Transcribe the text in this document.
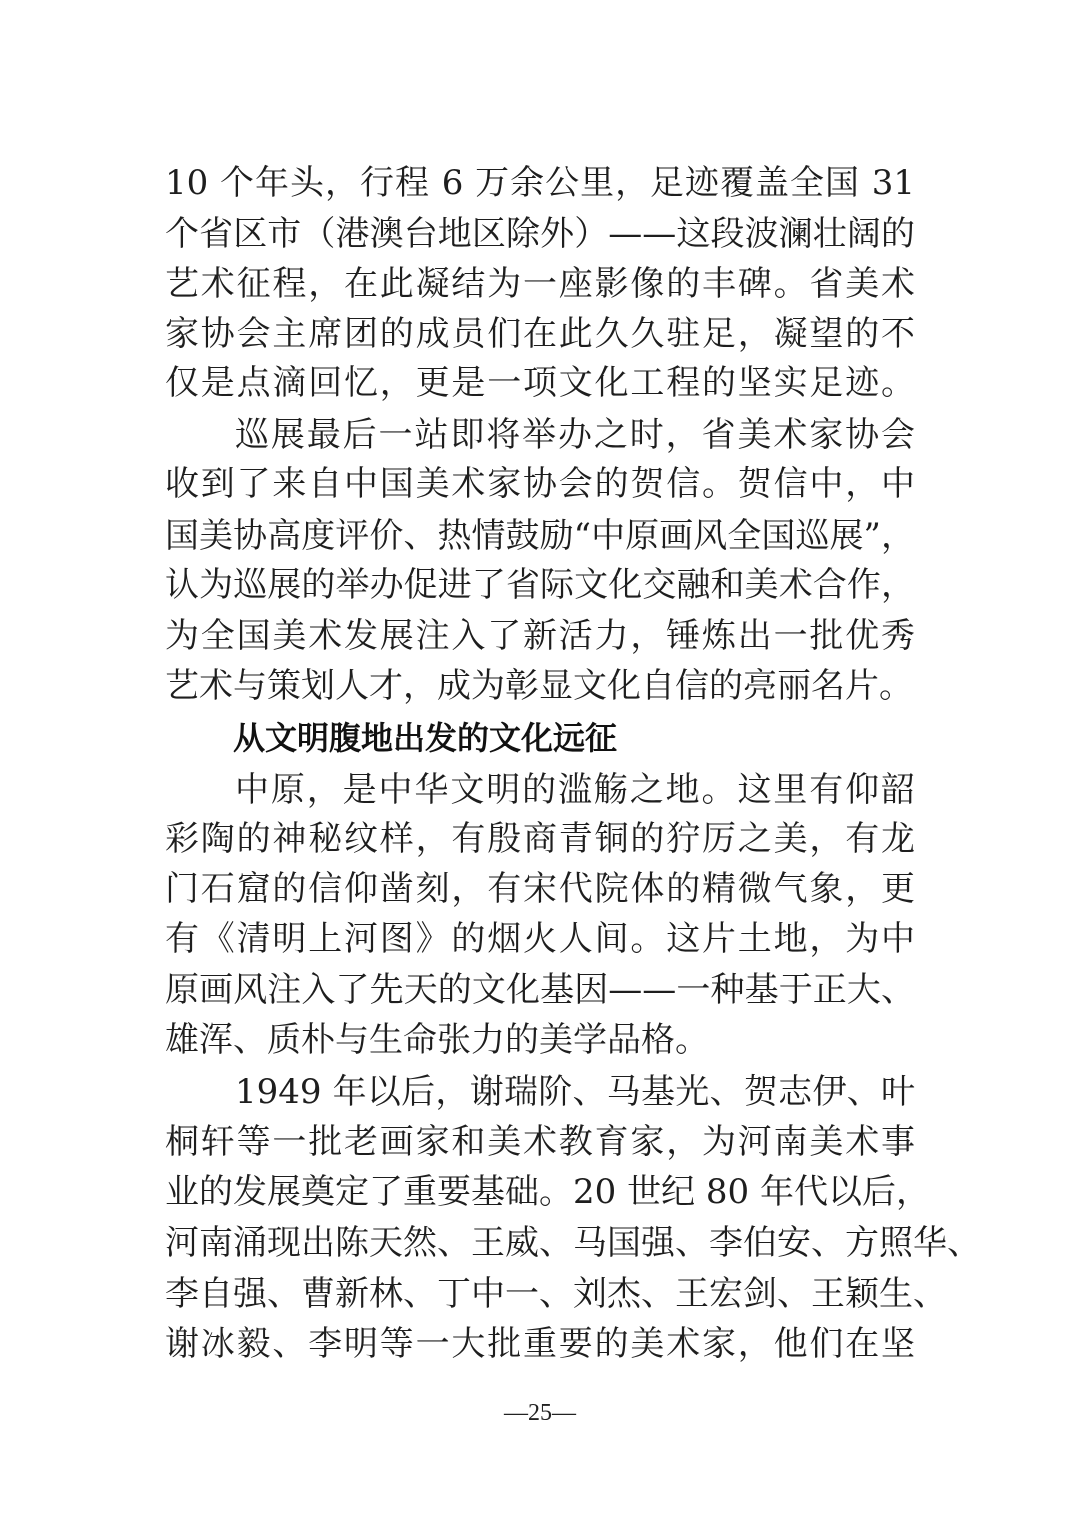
10 个年头，行程 6 万余公里，足迹覆盖全国 31
个省区市（港澳台地区除外）——这段波澜壮阔的
艺术征程，在此凝结为一座影像的丰碑。省美术
家协会主席团的成员们在此久久驻足，凝望的不
仅是点滴回忆，更是一项文化工程的坚实足迹。
巡展最后一站即将举办之时，省美术家协会
收到了来自中国美术家协会的贺信。贺信中，中
国美协高度评价、热情鼓励“中原画风全国巡展”，
认为巡展的举办促进了省际文化交融和美术合作，
为全国美术发展注入了新活力，锤炼出一批优秀
艺术与策划人才，成为彰显文化自信的亮丽名片。
从文明腹地出发的文化远征
中原，是中华文明的滥觞之地。这里有仰韶
彩陶的神秘纹样，有殷商青铜的狞厉之美，有龙
门石窟的信仰凿刻，有宋代院体的精微气象，更
有《清明上河图》的烟火人间。这片土地，为中
原画风注入了先天的文化基因——一种基于正大、
雄浑、质朴与生命张力的美学品格。
1949 年以后，谢瑞阶、马基光、贺志伊、叶
桐轩等一批老画家和美术教育家，为河南美术事
业的发展奠定了重要基础。20 世纪 80 年代以后，
河南涌现出陈天然、王威、马国强、李伯安、方照华、
李自强、曹新林、丁中一、刘杰、王宏剑、王颖生、
谢冰毅、李明等一大批重要的美术家，他们在坚
—25—
